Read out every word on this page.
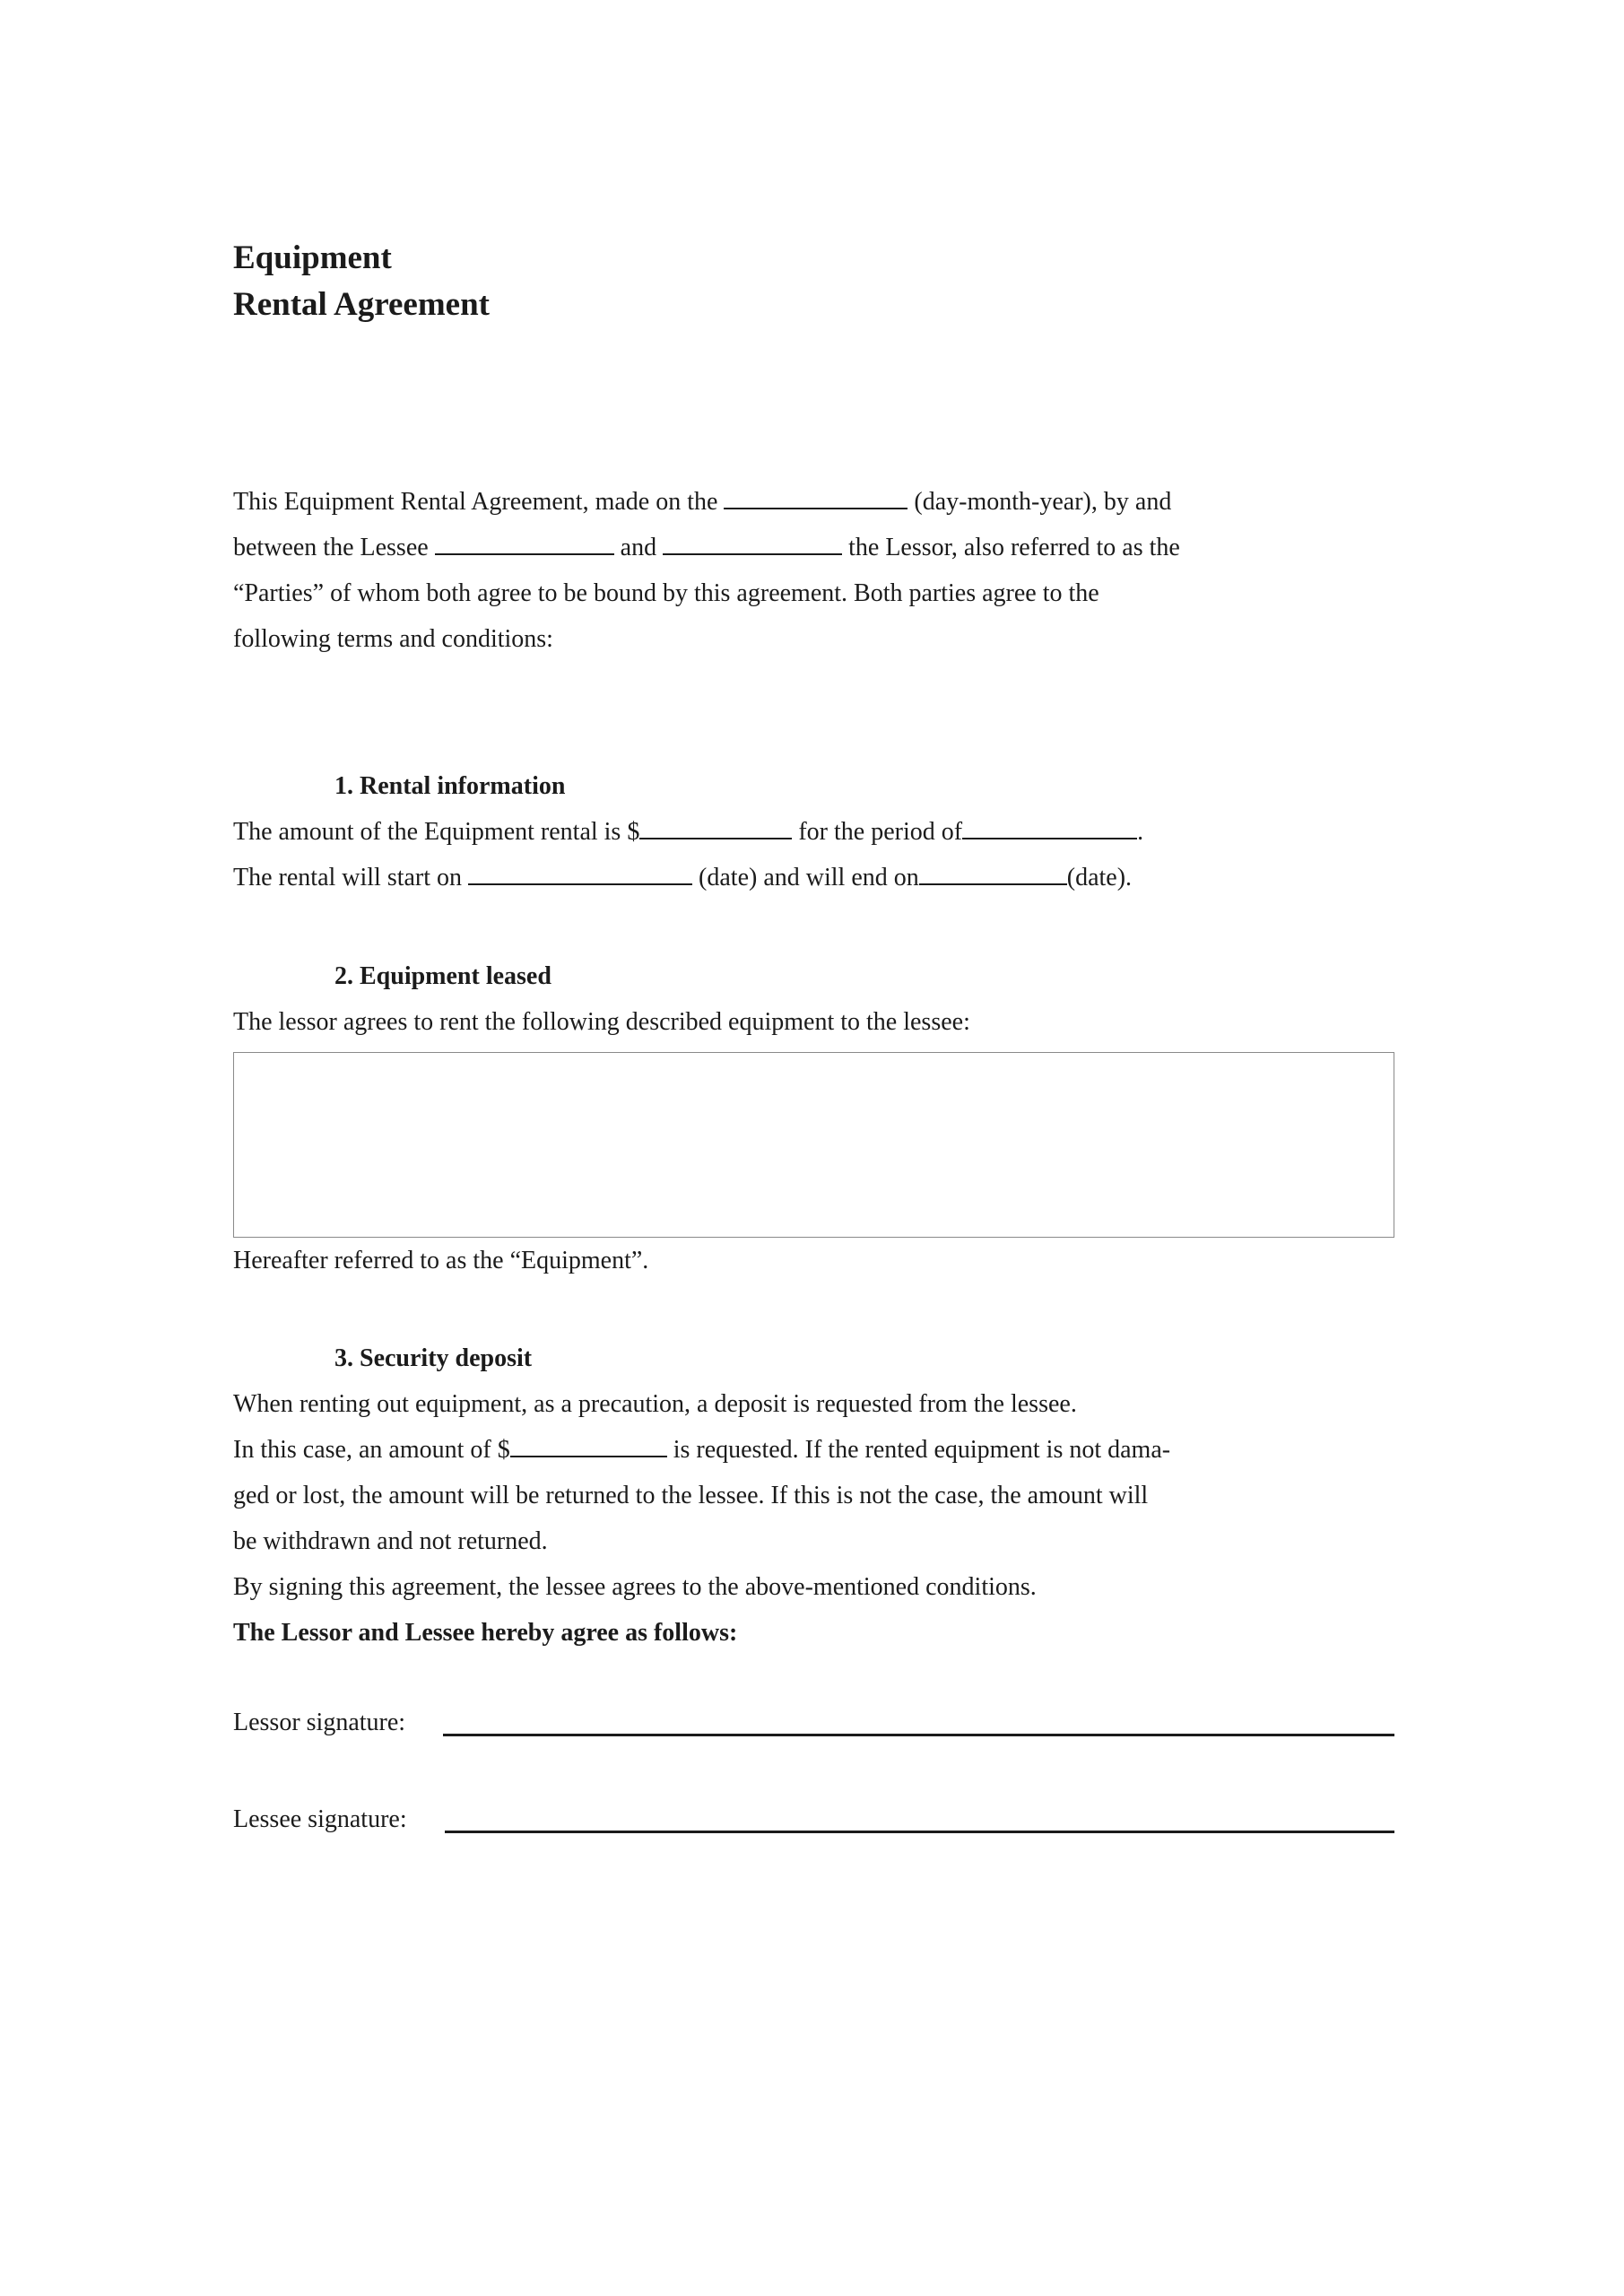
Equipment
Rental Agreement

This Equipment Rental Agreement, made on the	(day-month-year), by and

between the Lessee	and	the Lessor, also referred to as the

“Parties” of whom both agree to be bound by this agreement. Both parties agree to the

following terms and conditions:

1. Rental information

The amount of the Equipment rental is $	for the period of	.

The rental will start on	(date) and will end on	(date).

2. Equipment leased

The lessor agrees to rent the following described equipment to the lessee:

Hereafter referred to as the “Equipment”.

3. Security deposit

When renting out equipment, as a precaution, a deposit is requested from the lessee.

In this case, an amount of $	is requested. If the rented equipment is not dama-

ged or lost, the amount will be returned to the lessee. If this is not the case, the amount will

be withdrawn and not returned.

By signing this agreement, the lessee agrees to the above-mentioned conditions.

The Lessor and Lessee hereby agree as follows:

Lessor signature:
Lessee signature:
